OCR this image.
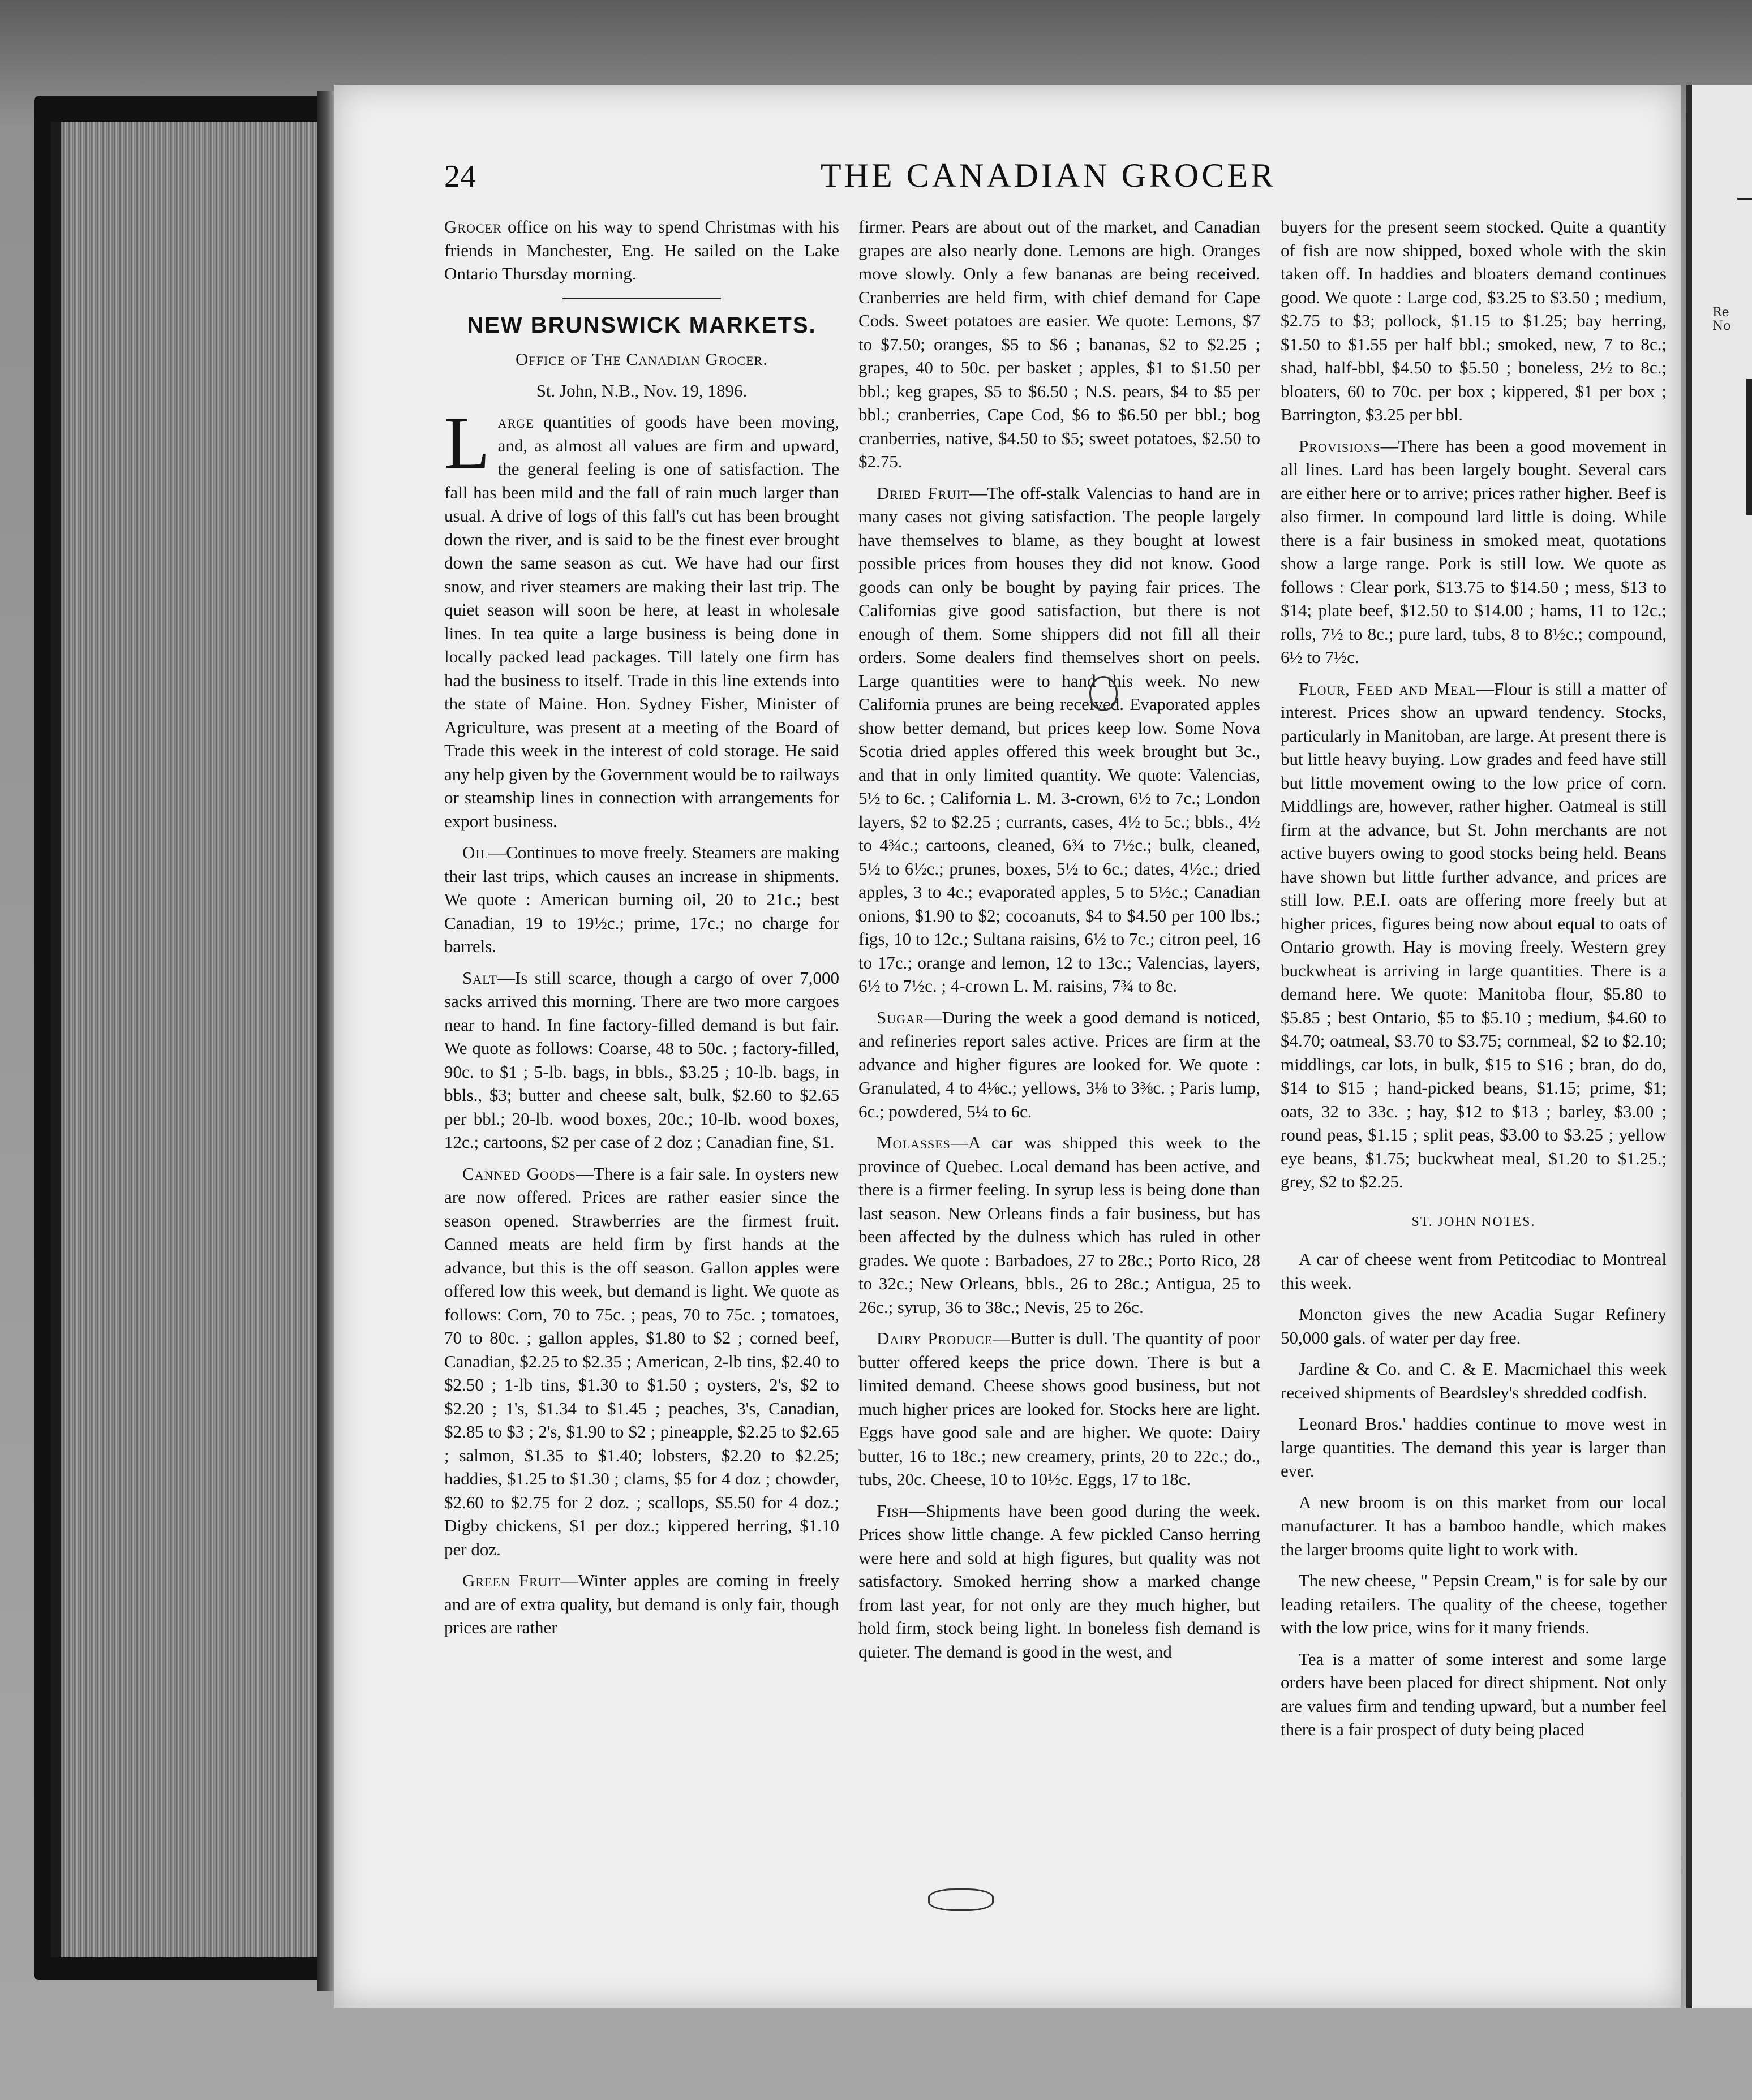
Re
No
24	THE CANADIAN GROCER

Grocer office on his way to spend Christmas with his friends in Manchester, Eng. He sailed on the Lake Ontario Thursday morning.

NEW BRUNSWICK MARKETS.
Office of The Canadian Grocer.
St. John, N.B., Nov. 19, 1896.

Large quantities of goods have been moving, and, as almost all values are firm and upward, the general feeling is one of satisfaction. The fall has been mild and the fall of rain much larger than usual. A drive of logs of this fall's cut has been brought down the river, and is said to be the finest ever brought down the same season as cut. We have had our first snow, and river steamers are making their last trip. The quiet season will soon be here, at least in wholesale lines. In tea quite a large business is being done in locally packed lead packages. Till lately one firm has had the business to itself. Trade in this line extends into the state of Maine. Hon. Sydney Fisher, Minister of Agriculture, was present at a meeting of the Board of Trade this week in the interest of cold storage. He said any help given by the Government would be to railways or steamship lines in connection with arrangements for export business.

Oil—Continues to move freely. Steamers are making their last trips, which causes an increase in shipments. We quote : American burning oil, 20 to 21c.; best Canadian, 19 to 19½c.; prime, 17c.; no charge for barrels.

Salt—Is still scarce, though a cargo of over 7,000 sacks arrived this morning. There are two more cargoes near to hand. In fine factory-filled demand is but fair. We quote as follows: Coarse, 48 to 50c. ; factory-filled, 90c. to $1 ; 5-lb. bags, in bbls., $3.25 ; 10-lb. bags, in bbls., $3; butter and cheese salt, bulk, $2.60 to $2.65 per bbl.; 20-lb. wood boxes, 20c.; 10-lb. wood boxes, 12c.; cartoons, $2 per case of 2 doz ; Canadian fine, $1.

Canned Goods—There is a fair sale. In oysters new are now offered. Prices are rather easier since the season opened. Strawberries are the firmest fruit. Canned meats are held firm by first hands at the advance, but this is the off season. Gallon apples were offered low this week, but demand is light. We quote as follows: Corn, 70 to 75c. ; peas, 70 to 75c. ; tomatoes, 70 to 80c. ; gallon apples, $1.80 to $2 ; corned beef, Canadian, $2.25 to $2.35 ; American, 2-lb tins, $2.40 to $2.50 ; 1-lb tins, $1.30 to $1.50 ; oysters, 2's, $2 to $2.20 ; 1's, $1.34 to $1.45 ; peaches, 3's, Canadian, $2.85 to $3 ; 2's, $1.90 to $2 ; pineapple, $2.25 to $2.65 ; salmon, $1.35 to $1.40; lobsters, $2.20 to $2.25; haddies, $1.25 to $1.30 ; clams, $5 for 4 doz ; chowder, $2.60 to $2.75 for 2 doz. ; scallops, $5.50 for 4 doz.; Digby chickens, $1 per doz.; kippered herring, $1.10 per doz.

Green Fruit—Winter apples are coming in freely and are of extra quality, but demand is only fair, though prices are rather

firmer. Pears are about out of the market, and Canadian grapes are also nearly done. Lemons are high. Oranges move slowly. Only a few bananas are being received. Cranberries are held firm, with chief demand for Cape Cods. Sweet potatoes are easier. We quote: Lemons, $7 to $7.50; oranges, $5 to $6 ; bananas, $2 to $2.25 ; grapes, 40 to 50c. per basket ; apples, $1 to $1.50 per bbl.; keg grapes, $5 to $6.50 ; N.S. pears, $4 to $5 per bbl.; cranberries, Cape Cod, $6 to $6.50 per bbl.; bog cranberries, native, $4.50 to $5; sweet potatoes, $2.50 to $2.75.

Dried Fruit—The off-stalk Valencias to hand are in many cases not giving satisfaction. The people largely have themselves to blame, as they bought at lowest possible prices from houses they did not know. Good goods can only be bought by paying fair prices. The Californias give good satisfaction, but there is not enough of them. Some shippers did not fill all their orders. Some dealers find themselves short on peels. Large quantities were to hand this week. No new California prunes are being received. Evaporated apples show better demand, but prices keep low. Some Nova Scotia dried apples offered this week brought but 3c., and that in only limited quantity. We quote: Valencias, 5½ to 6c. ; California L. M. 3-crown, 6½ to 7c.; London layers, $2 to $2.25 ; currants, cases, 4½ to 5c.; bbls., 4½ to 4¾c.; cartoons, cleaned, 6¾ to 7½c.; bulk, cleaned, 5½ to 6½c.; prunes, boxes, 5½ to 6c.; dates, 4½c.; dried apples, 3 to 4c.; evaporated apples, 5 to 5½c.; Canadian onions, $1.90 to $2; cocoanuts, $4 to $4.50 per 100 lbs.; figs, 10 to 12c.; Sultana raisins, 6½ to 7c.; citron peel, 16 to 17c.; orange and lemon, 12 to 13c.; Valencias, layers, 6½ to 7½c. ; 4-crown L. M. raisins, 7¾ to 8c.

Sugar—During the week a good demand is noticed, and refineries report sales active. Prices are firm at the advance and higher figures are looked for. We quote : Granulated, 4 to 4⅛c.; yellows, 3⅛ to 3⅜c. ; Paris lump, 6c.; powdered, 5¼ to 6c.

Molasses—A car was shipped this week to the province of Quebec. Local demand has been active, and there is a firmer feeling. In syrup less is being done than last season. New Orleans finds a fair business, but has been affected by the dulness which has ruled in other grades. We quote : Barbadoes, 27 to 28c.; Porto Rico, 28 to 32c.; New Orleans, bbls., 26 to 28c.; Antigua, 25 to 26c.; syrup, 36 to 38c.; Nevis, 25 to 26c.

Dairy Produce—Butter is dull. The quantity of poor butter offered keeps the price down. There is but a limited demand. Cheese shows good business, but not much higher prices are looked for. Stocks here are light. Eggs have good sale and are higher. We quote: Dairy butter, 16 to 18c.; new creamery, prints, 20 to 22c.; do., tubs, 20c. Cheese, 10 to 10½c. Eggs, 17 to 18c.

Fish—Shipments have been good during the week. Prices show little change. A few pickled Canso herring were here and sold at high figures, but quality was not satisfactory. Smoked herring show a marked change from last year, for not only are they much higher, but hold firm, stock being light. In boneless fish demand is quieter. The demand is good in the west, and

buyers for the present seem stocked. Quite a quantity of fish are now shipped, boxed whole with the skin taken off. In haddies and bloaters demand continues good. We quote : Large cod, $3.25 to $3.50 ; medium, $2.75 to $3; pollock, $1.15 to $1.25; bay herring, $1.50 to $1.55 per half bbl.; smoked, new, 7 to 8c.; shad, half-bbl, $4.50 to $5.50 ; boneless, 2½ to 8c.; bloaters, 60 to 70c. per box ; kippered, $1 per box ; Barrington, $3.25 per bbl.

Provisions—There has been a good movement in all lines. Lard has been largely bought. Several cars are either here or to arrive; prices rather higher. Beef is also firmer. In compound lard little is doing. While there is a fair business in smoked meat, quotations show a large range. Pork is still low. We quote as follows : Clear pork, $13.75 to $14.50 ; mess, $13 to $14; plate beef, $12.50 to $14.00 ; hams, 11 to 12c.; rolls, 7½ to 8c.; pure lard, tubs, 8 to 8½c.; compound, 6½ to 7½c.

Flour, Feed and Meal—Flour is still a matter of interest. Prices show an upward tendency. Stocks, particularly in Manitoban, are large. At present there is but little heavy buying. Low grades and feed have still but little movement owing to the low price of corn. Middlings are, however, rather higher. Oatmeal is still firm at the advance, but St. John merchants are not active buyers owing to good stocks being held. Beans have shown but little further advance, and prices are still low. P.E.I. oats are offering more freely but at higher prices, figures being now about equal to oats of Ontario growth. Hay is moving freely. Western grey buckwheat is arriving in large quantities. There is a demand here. We quote: Manitoba flour, $5.80 to $5.85 ; best Ontario, $5 to $5.10 ; medium, $4.60 to $4.70; oatmeal, $3.70 to $3.75; cornmeal, $2 to $2.10; middlings, car lots, in bulk, $15 to $16 ; bran, do do, $14 to $15 ; hand-picked beans, $1.15; prime, $1; oats, 32 to 33c. ; hay, $12 to $13 ; barley, $3.00 ; round peas, $1.15 ; split peas, $3.00 to $3.25 ; yellow eye beans, $1.75; buckwheat meal, $1.20 to $1.25.; grey, $2 to $2.25.

ST. JOHN NOTES.

A car of cheese went from Petitcodiac to Montreal this week.

Moncton gives the new Acadia Sugar Refinery 50,000 gals. of water per day free.

Jardine & Co. and C. & E. Macmichael this week received shipments of Beardsley's shredded codfish.

Leonard Bros.' haddies continue to move west in large quantities. The demand this year is larger than ever.

A new broom is on this market from our local manufacturer. It has a bamboo handle, which makes the larger brooms quite light to work with.

The new cheese, " Pepsin Cream," is for sale by our leading retailers. The quality of the cheese, together with the low price, wins for it many friends.

Tea is a matter of some interest and some large orders have been placed for direct shipment. Not only are values firm and tending upward, but a number feel there is a fair prospect of duty being placed
